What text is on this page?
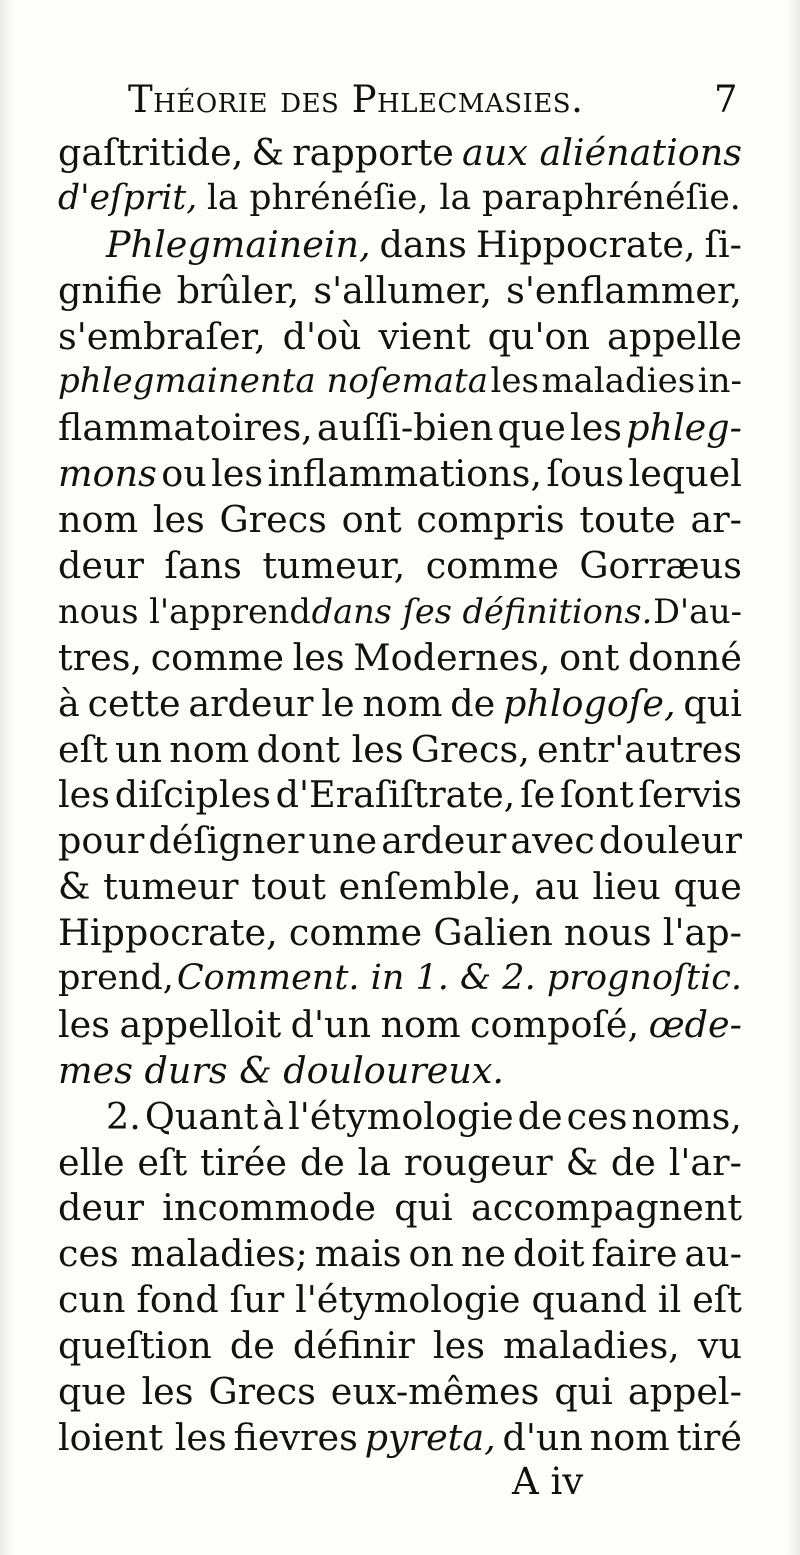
Théorie des Phlecmasies.	7
gaſtritide, & rapporte aux aliénations
d'eſprit, la phrénéſie, la paraphrénéſie.
Phlegmainein, dans Hippocrate, ſi-
gnifie brûler, s'allumer, s'enflammer,
s'embraſer, d'où vient qu'on appelle
phlegmainenta noſemata les maladies in-
flammatoires, auſſi-bien que les phleg-
mons ou les inflammations, ſous lequel
nom les Grecs ont compris toute ar-
deur ſans tumeur, comme Gorræus
nous l'apprend dans ſes définitions. D'au-
tres, comme les Modernes, ont donné
à cette ardeur le nom de phlogoſe, qui
eſt un nom dont les Grecs, entr'autres
les diſciples d'Eraſiſtrate, ſe ſont ſervis
pour déſigner une ardeur avec douleur
& tumeur tout enſemble, au lieu que
Hippocrate, comme Galien nous l'ap-
prend, Comment. in 1. & 2. prognoſtic.
les appelloit d'un nom compoſé, œde-
mes durs & douloureux.
2. Quant à l'étymologie de ces noms,
elle eſt tirée de la rougeur & de l'ar-
deur incommode qui accompagnent
ces maladies; mais on ne doit faire au-
cun fond ſur l'étymologie quand il eſt
queſtion de définir les maladies, vu
que les Grecs eux-mêmes qui appel-
loient les fievres pyreta, d'un nom tiré
A iv
